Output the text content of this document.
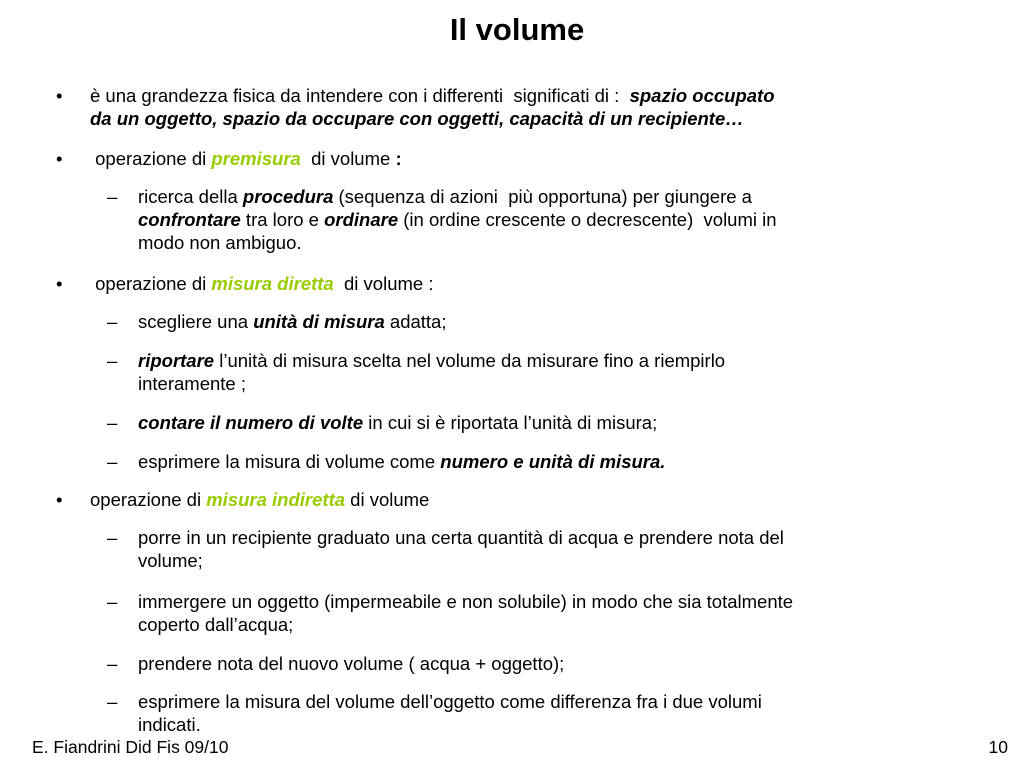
Il volume

• è una grandezza fisica da intendere con i differenti  significati di :  spazio occupato
da un oggetto, spazio da occupare con oggetti, capacità di un recipiente…

• operazione di premisura  di volume :

– ricerca della procedura (sequenza di azioni  più opportuna) per giungere a
confrontare tra loro e ordinare (in ordine crescente o decrescente)  volumi in
modo non ambiguo.

• operazione di misura diretta  di volume :

– scegliere una unità di misura adatta;

– riportare l’unità di misura scelta nel volume da misurare fino a riempirlo
interamente ;

– contare il numero di volte in cui si è riportata l’unità di misura;

– esprimere la misura di volume come numero e unità di misura.

• operazione di misura indiretta di volume

– porre in un recipiente graduato una certa quantità di acqua e prendere nota del
volume;

– immergere un oggetto (impermeabile e non solubile) in modo che sia totalmente
coperto dall’acqua;

– prendere nota del nuovo volume ( acqua + oggetto);

– esprimere la misura del volume dell’oggetto come differenza fra i due volumi
indicati.

E. Fiandrini Did Fis 09/10	10
